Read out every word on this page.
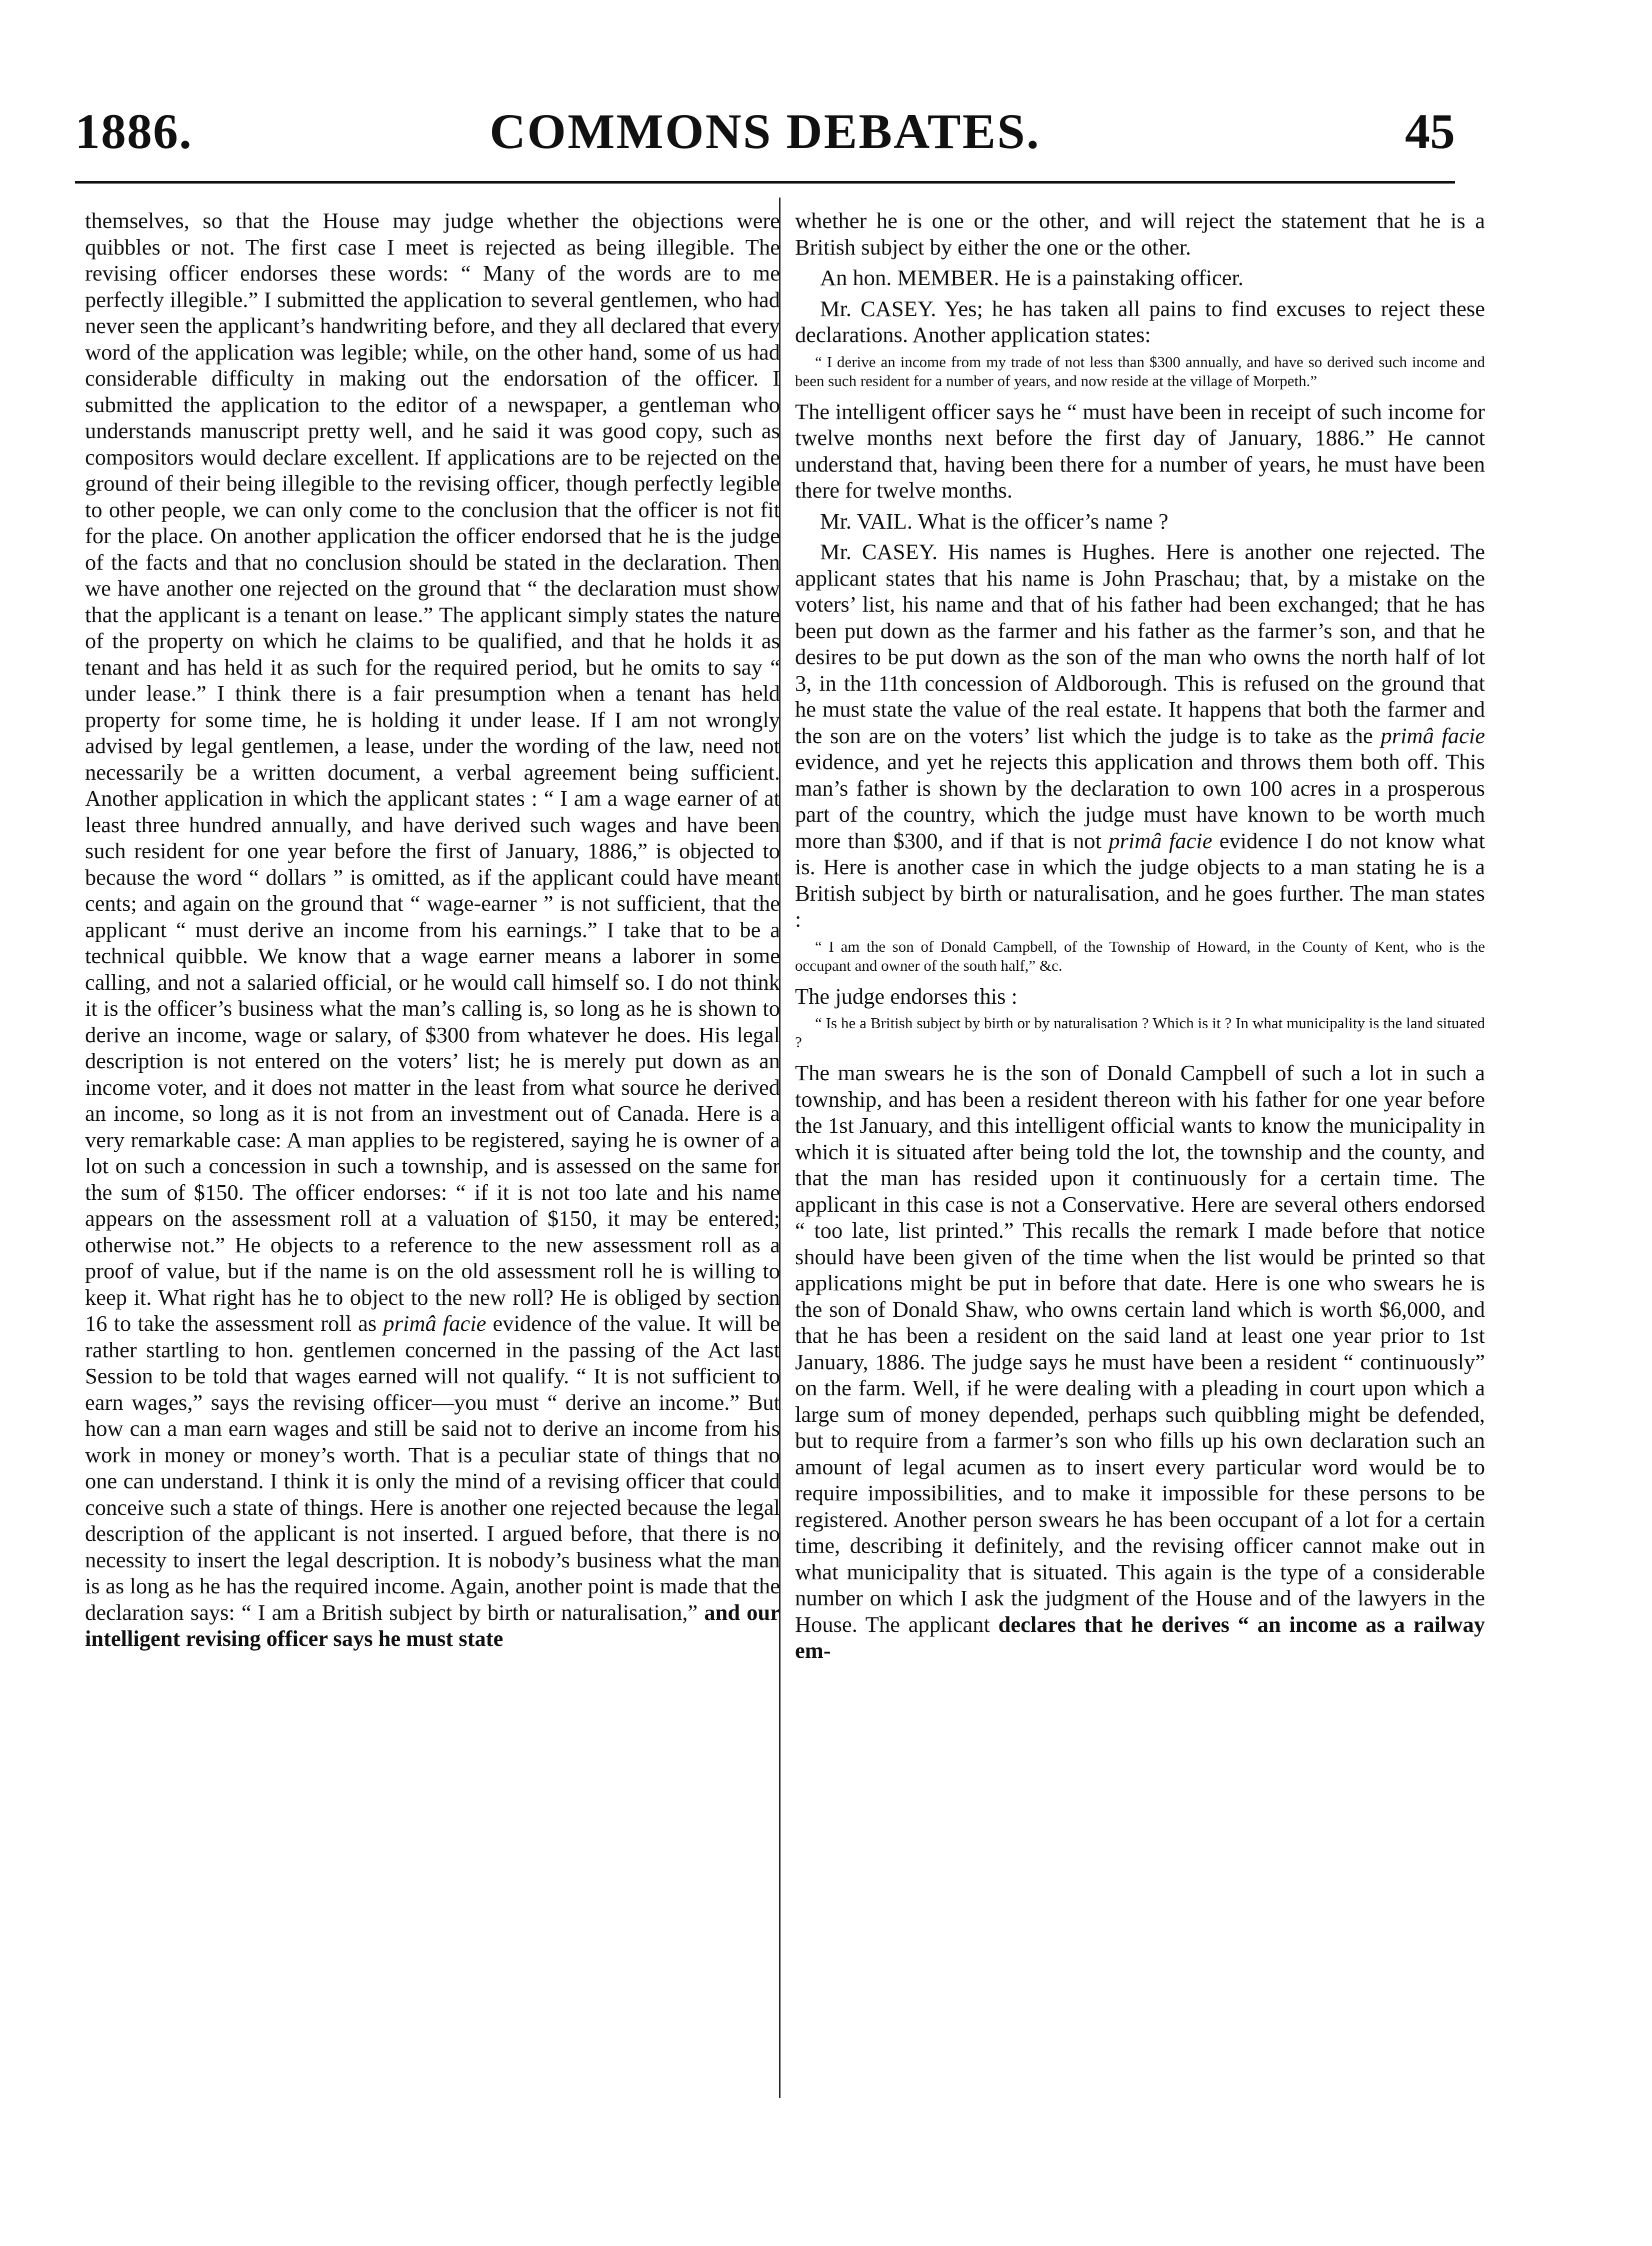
COMMONS DEBATES.
1886.	45

themselves, so that the House may judge whether the objections were quibbles or not. The first case I meet is rejected as being illegible. The revising officer endorses these words: “ Many of the words are to me perfectly illegible.” I submitted the application to several gentlemen, who had never seen the applicant’s handwriting before, and they all declared that every word of the application was legible; while, on the other hand, some of us had considerable difficulty in making out the endorsation of the officer. I submitted the application to the editor of a newspaper, a gentleman who understands manuscript pretty well, and he said it was good copy, such as compositors would declare excellent. If applications are to be rejected on the ground of their being illegible to the revising officer, though perfectly legible to other people, we can only come to the conclusion that the officer is not fit for the place. On another application the officer endorsed that he is the judge of the facts and that no conclusion should be stated in the declaration. Then we have another one rejected on the ground that “ the declaration must show that the applicant is a tenant on lease.” The applicant simply states the nature of the property on which he claims to be qualified, and that he holds it as tenant and has held it as such for the required period, but he omits to say “ under lease.” I think there is a fair presumption when a tenant has held property for some time, he is holding it under lease. If I am not wrongly advised by legal gentlemen, a lease, under the wording of the law, need not necessarily be a written document, a verbal agreement being sufficient. Another application in which the applicant states : “ I am a wage earner of at least three hundred annually, and have derived such wages and have been such resident for one year before the first of January, 1886,” is objected to because the word “ dollars ” is omitted, as if the applicant could have meant cents; and again on the ground that “ wage-earner ” is not sufficient, that the applicant “ must derive an income from his earnings.” I take that to be a technical quibble. We know that a wage earner means a laborer in some calling, and not a salaried official, or he would call himself so. I do not think it is the officer’s business what the man’s calling is, so long as he is shown to derive an income, wage or salary, of $300 from whatever he does. His legal description is not entered on the voters’ list; he is merely put down as an income voter, and it does not matter in the least from what source he derived an income, so long as it is not from an investment out of Canada. Here is a very remarkable case: A man applies to be registered, saying he is owner of a lot on such a concession in such a township, and is assessed on the same for the sum of $150. The officer endorses: “ if it is not too late and his name appears on the assessment roll at a valuation of $150, it may be entered; otherwise not.” He objects to a reference to the new assessment roll as a proof of value, but if the name is on the old assessment roll he is willing to keep it. What right has he to object to the new roll? He is obliged by section 16 to take the assessment roll as primâ facie evidence of the value. It will be rather startling to hon. gentlemen concerned in the passing of the Act last Session to be told that wages earned will not qualify. “ It is not sufficient to earn wages,” says the revising officer—you must “ derive an income.” But how can a man earn wages and still be said not to derive an income from his work in money or money’s worth. That is a peculiar state of things that no one can understand. I think it is only the mind of a revising officer that could conceive such a state of things. Here is another one rejected because the legal description of the applicant is not inserted. I argued before, that there is no necessity to insert the legal description. It is nobody’s business what the man is as long as he has the required income. Again, another point is made that the declaration says: “ I am a British subject by birth or naturalisation,” and our intelligent revising officer says he must state

whether he is one or the other, and will reject the statement that he is a British subject by either the one or the other.

An hon. MEMBER. He is a painstaking officer.

Mr. CASEY. Yes; he has taken all pains to find excuses to reject these declarations. Another application states:

“ I derive an income from my trade of not less than $300 annually, and have so derived such income and been such resident for a number of years, and now reside at the village of Morpeth.”

The intelligent officer says he “ must have been in receipt of such income for twelve months next before the first day of January, 1886.” He cannot understand that, having been there for a number of years, he must have been there for twelve months.

Mr. VAIL. What is the officer’s name ?

Mr. CASEY. His names is Hughes. Here is another one rejected. The applicant states that his name is John Praschau; that, by a mistake on the voters’ list, his name and that of his father had been exchanged; that he has been put down as the farmer and his father as the farmer’s son, and that he desires to be put down as the son of the man who owns the north half of lot 3, in the 11th concession of Aldborough. This is refused on the ground that he must state the value of the real estate. It happens that both the farmer and the son are on the voters’ list which the judge is to take as the primâ facie evidence, and yet he rejects this application and throws them both off. This man’s father is shown by the declaration to own 100 acres in a prosperous part of the country, which the judge must have known to be worth much more than $300, and if that is not primâ facie evidence I do not know what is. Here is another case in which the judge objects to a man stating he is a British subject by birth or naturalisation, and he goes further. The man states :

“ I am the son of Donald Campbell, of the Township of Howard, in the County of Kent, who is the occupant and owner of the south half,” &c.

The judge endorses this :

“ Is he a British subject by birth or by naturalisation ? Which is it ? In what municipality is the land situated ?

The man swears he is the son of Donald Campbell of such a lot in such a township, and has been a resident thereon with his father for one year before the 1st January, and this intelligent official wants to know the municipality in which it is situated after being told the lot, the township and the county, and that the man has resided upon it continuously for a certain time. The applicant in this case is not a Conservative. Here are several others endorsed “ too late, list printed.” This recalls the remark I made before that notice should have been given of the time when the list would be printed so that applications might be put in before that date. Here is one who swears he is the son of Donald Shaw, who owns certain land which is worth $6,000, and that he has been a resident on the said land at least one year prior to 1st January, 1886. The judge says he must have been a resident “ continuously” on the farm. Well, if he were dealing with a pleading in court upon which a large sum of money depended, perhaps such quibbling might be defended, but to require from a farmer’s son who fills up his own declaration such an amount of legal acumen as to insert every particular word would be to require impossibilities, and to make it impossible for these persons to be registered. Another person swears he has been occupant of a lot for a certain time, describing it definitely, and the revising officer cannot make out in what municipality that is situated. This again is the type of a considerable number on which I ask the judgment of the House and of the lawyers in the House. The applicant declares that he derives “ an income as a railway em-
